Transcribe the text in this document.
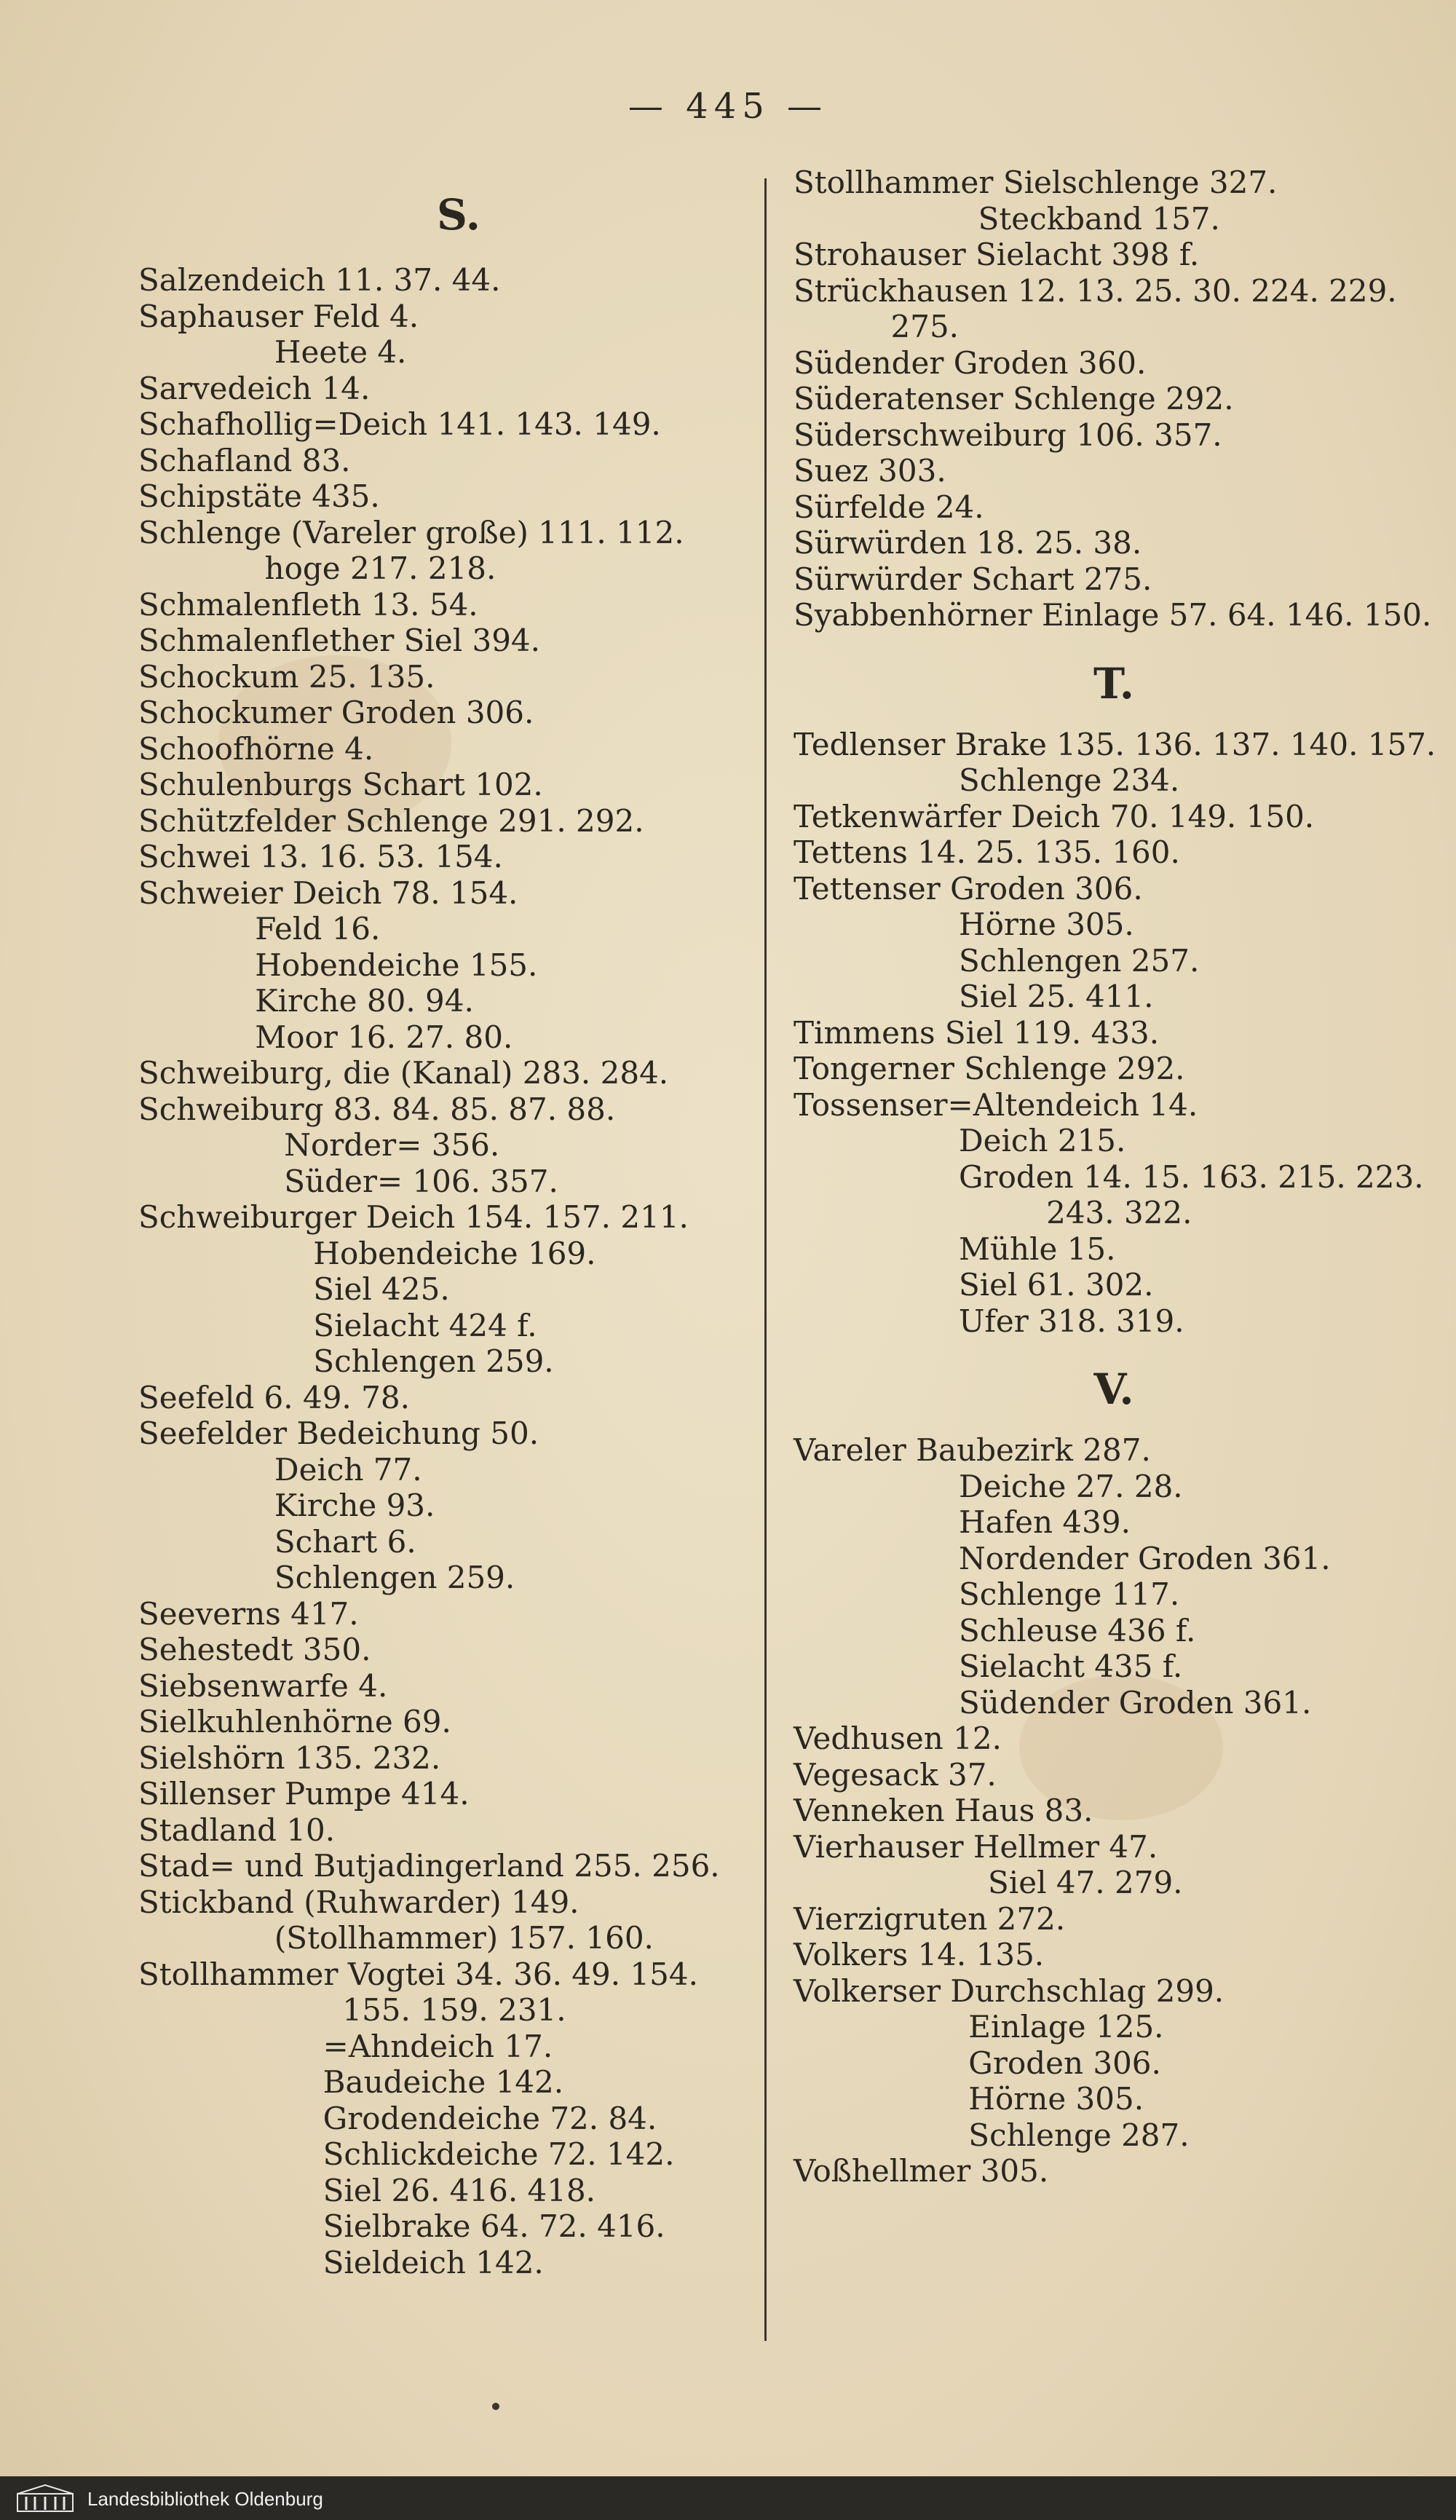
— 445 —
S.
Salzendeich 11. 37. 44.
Saphauser Feld 4.
Heete 4.
Sarvedeich 14.
Schafhollig=Deich 141. 143. 149.
Schafland 83.
Schipstäte 435.
Schlenge (Vareler große) 111. 112.
hoge 217. 218.
Schmalenfleth 13. 54.
Schmalenflether Siel 394.
Schockum 25. 135.
Schockumer Groden 306.
Schoofhörne 4.
Schulenburgs Schart 102.
Schützfelder Schlenge 291. 292.
Schwei 13. 16. 53. 154.
Schweier Deich 78. 154.
Feld 16.
Hobendeiche 155.
Kirche 80. 94.
Moor 16. 27. 80.
Schweiburg, die (Kanal) 283. 284.
Schweiburg 83. 84. 85. 87. 88.
Norder= 356.
Süder= 106. 357.
Schweiburger Deich 154. 157. 211.
Hobendeiche 169.
Siel 425.
Sielacht 424 f.
Schlengen 259.
Seefeld 6. 49. 78.
Seefelder Bedeichung 50.
Deich 77.
Kirche 93.
Schart 6.
Schlengen 259.
Seeverns 417.
Sehestedt 350.
Siebsenwarfe 4.
Sielkuhlenhörne 69.
Sielshörn 135. 232.
Sillenser Pumpe 414.
Stadland 10.
Stad= und Butjadingerland 255. 256.
Stickband (Ruhwarder) 149.
(Stollhammer) 157. 160.
Stollhammer Vogtei 34. 36. 49. 154.
155. 159. 231.
=Ahndeich 17.
Baudeiche 142.
Grodendeiche 72. 84.
Schlickdeiche 72. 142.
Siel 26. 416. 418.
Sielbrake 64. 72. 416.
Sieldeich 142.
Stollhammer Sielschlenge 327.
Steckband 157.
Strohauser Sielacht 398 f.
Strückhausen 12. 13. 25. 30. 224. 229.
275.
Südender Groden 360.
Süderatenser Schlenge 292.
Süderschweiburg 106. 357.
Suez 303.
Sürfelde 24.
Sürwürden 18. 25. 38.
Sürwürder Schart 275.
Syabbenhörner Einlage 57. 64. 146. 150.
T.
Tedlenser Brake 135. 136. 137. 140. 157.
Schlenge 234.
Tetkenwärfer Deich 70. 149. 150.
Tettens 14. 25. 135. 160.
Tettenser Groden 306.
Hörne 305.
Schlengen 257.
Siel 25. 411.
Timmens Siel 119. 433.
Tongerner Schlenge 292.
Tossenser=Altendeich 14.
Deich 215.
Groden 14. 15. 163. 215. 223.
243. 322.
Mühle 15.
Siel 61. 302.
Ufer 318. 319.
V.
Vareler Baubezirk 287.
Deiche 27. 28.
Hafen 439.
Nordender Groden 361.
Schlenge 117.
Schleuse 436 f.
Sielacht 435 f.
Südender Groden 361.
Vedhusen 12.
Vegesack 37.
Venneken Haus 83.
Vierhauser Hellmer 47.
Siel 47. 279.
Vierzigruten 272.
Volkers 14. 135.
Volkerser Durchschlag 299.
Einlage 125.
Groden 306.
Hörne 305.
Schlenge 287.
Voßhellmer 305.
Landesbibliothek Oldenburg
